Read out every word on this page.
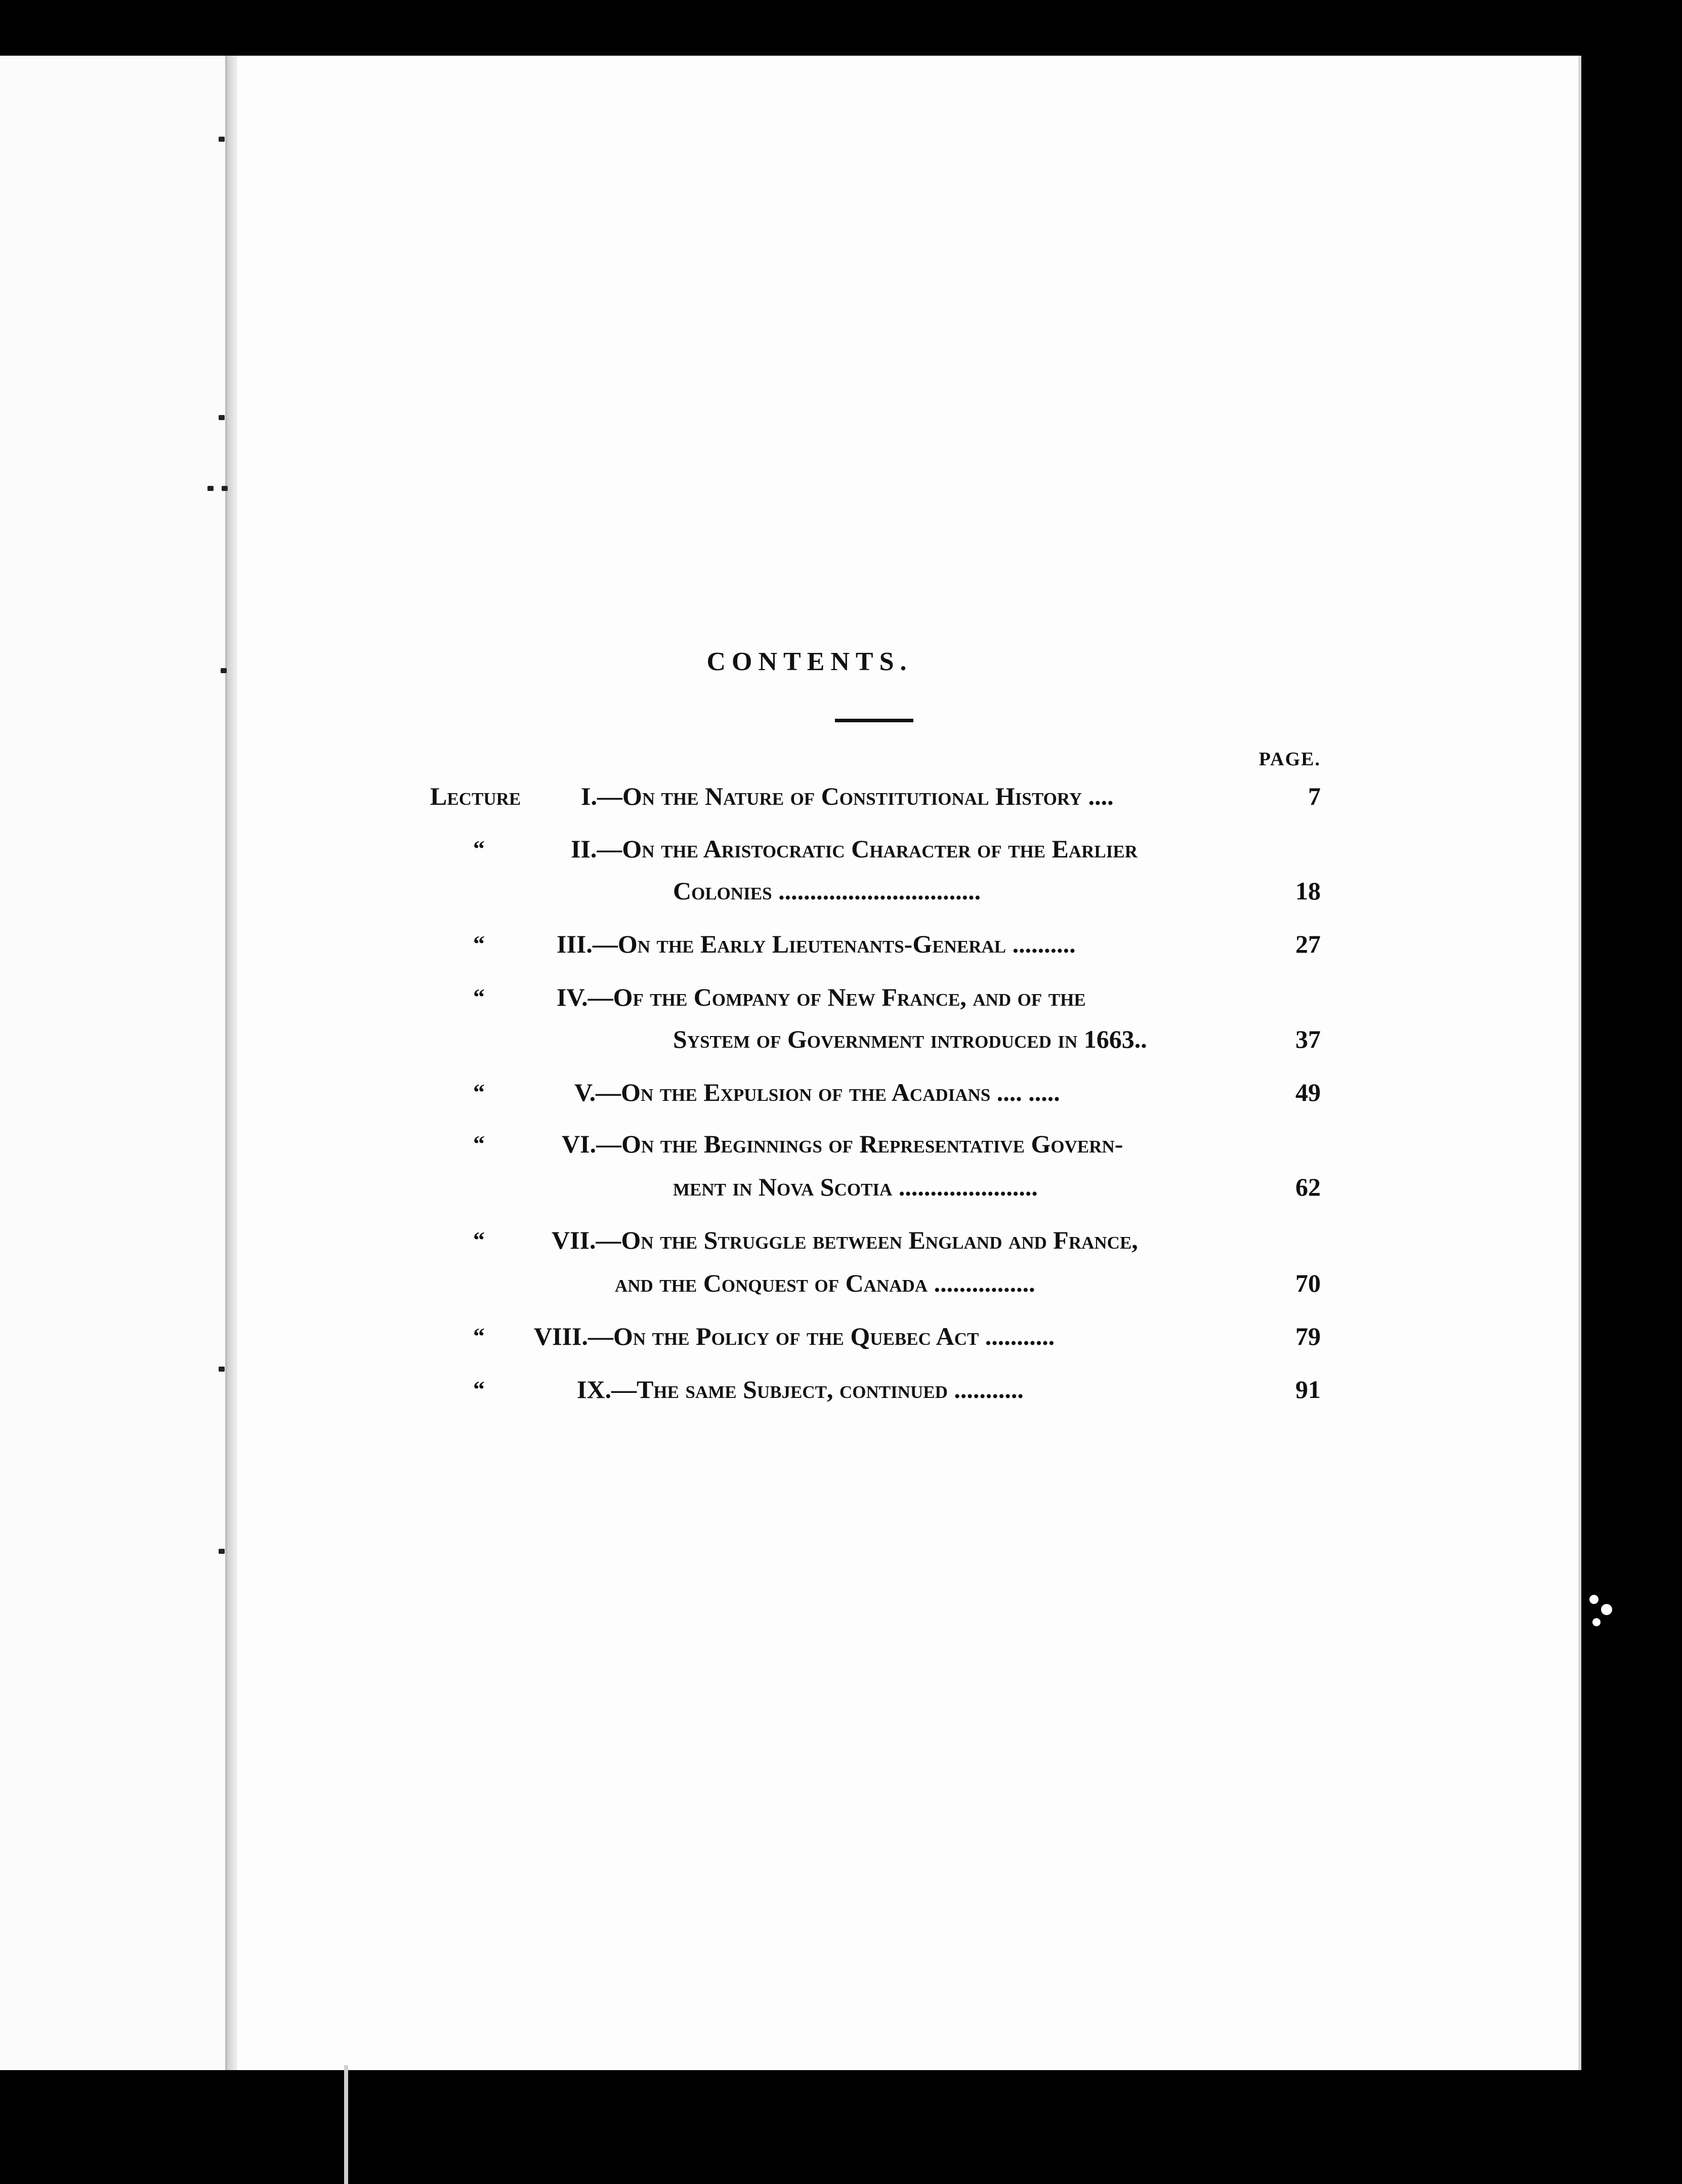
CONTENTS.
PAGE.
Lecture I.—On the Nature of Constitutional History ....	7
“	II.—On the Aristocratic Character of the Earlier
Colonies ................................	18
“	III.—On the Early Lieutenants-General ..........	27
“	IV.—Of the Company of New France, and of the
System of Government introduced in 1663..	37
“	V.—On the Expulsion of the Acadians .... .....	49
“	VI.—On the Beginnings of Representative Govern-
ment in Nova Scotia ......................	62
“	VII.—On the Struggle between England and France,
and the Conquest of Canada ................	70
“ VIII.—On the Policy of the Quebec Act ...........	79
“	IX.—The same Subject, continued ...........	91
